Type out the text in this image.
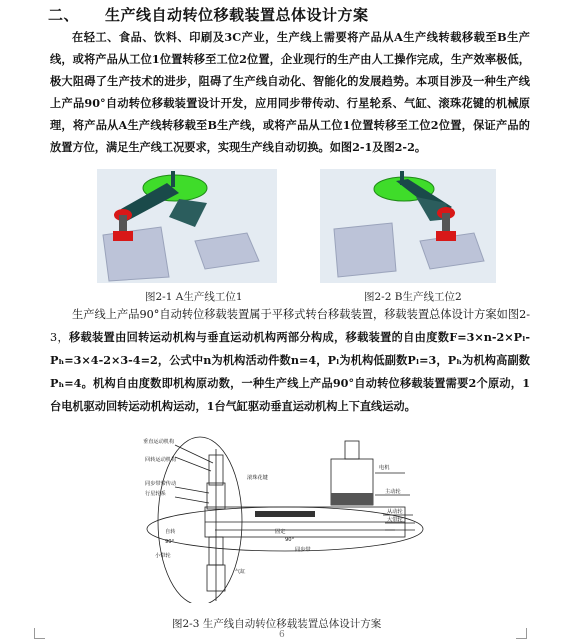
二、 生产线自动转位移载装置总体设计方案
在轻工、食品、饮料、印刷及3C产业，生产线上需要将产品从A生产线转载移载至B生产线，或将产品从工位1位置转移至工位2位置，企业现行的生产由人工操作完成，生产效率极低，极大阻碍了生产技术的进步，阻碍了生产线自动化、智能化的发展趋势。本项目涉及一种生产线上产品90°自动转位移载装置设计开发，应用同步带传动、行星轮系、气缸、滚珠花键的机械原理，将产品从A生产线转移载至B生产线，或将产品从工位1位置转移至工位2位置，保证产品的放置方位，满足生产线工况要求，实现生产线自动切换。如图2-1及图2-2。
图2-1 A生产线工位1	图2-2 B生产线工位2
生产线上产品90°自动转位移载装置属于平移式转台移载装置，移载装置总体设计方案如图2-3，移载装置由回转运动机构与垂直运动机构两部分构成，移载装置的自由度数F=3×n-2×Pₗ-Pₕ=3×4-2×3-4=2，公式中n为机构活动件数n=4，Pₗ为机构低副数Pₗ=3，Pₕ为机构高副数Pₕ=4。机构自由度数即机构原动数，一种生产线上产品90°自动转位移载装置需要2个原动，1台电机驱动回转运动机构运动，1台气缸驱动垂直运动机构上下直线运动。
垂直运动机构
回转运动机构
同步带带传动
行星轮系
滚珠花键
电机
主动轮
从动轮
大带轮
自转
90°
小带轮
气缸
同步带
固定
90°
图2-3 生产线自动转位移载装置总体设计方案
6
